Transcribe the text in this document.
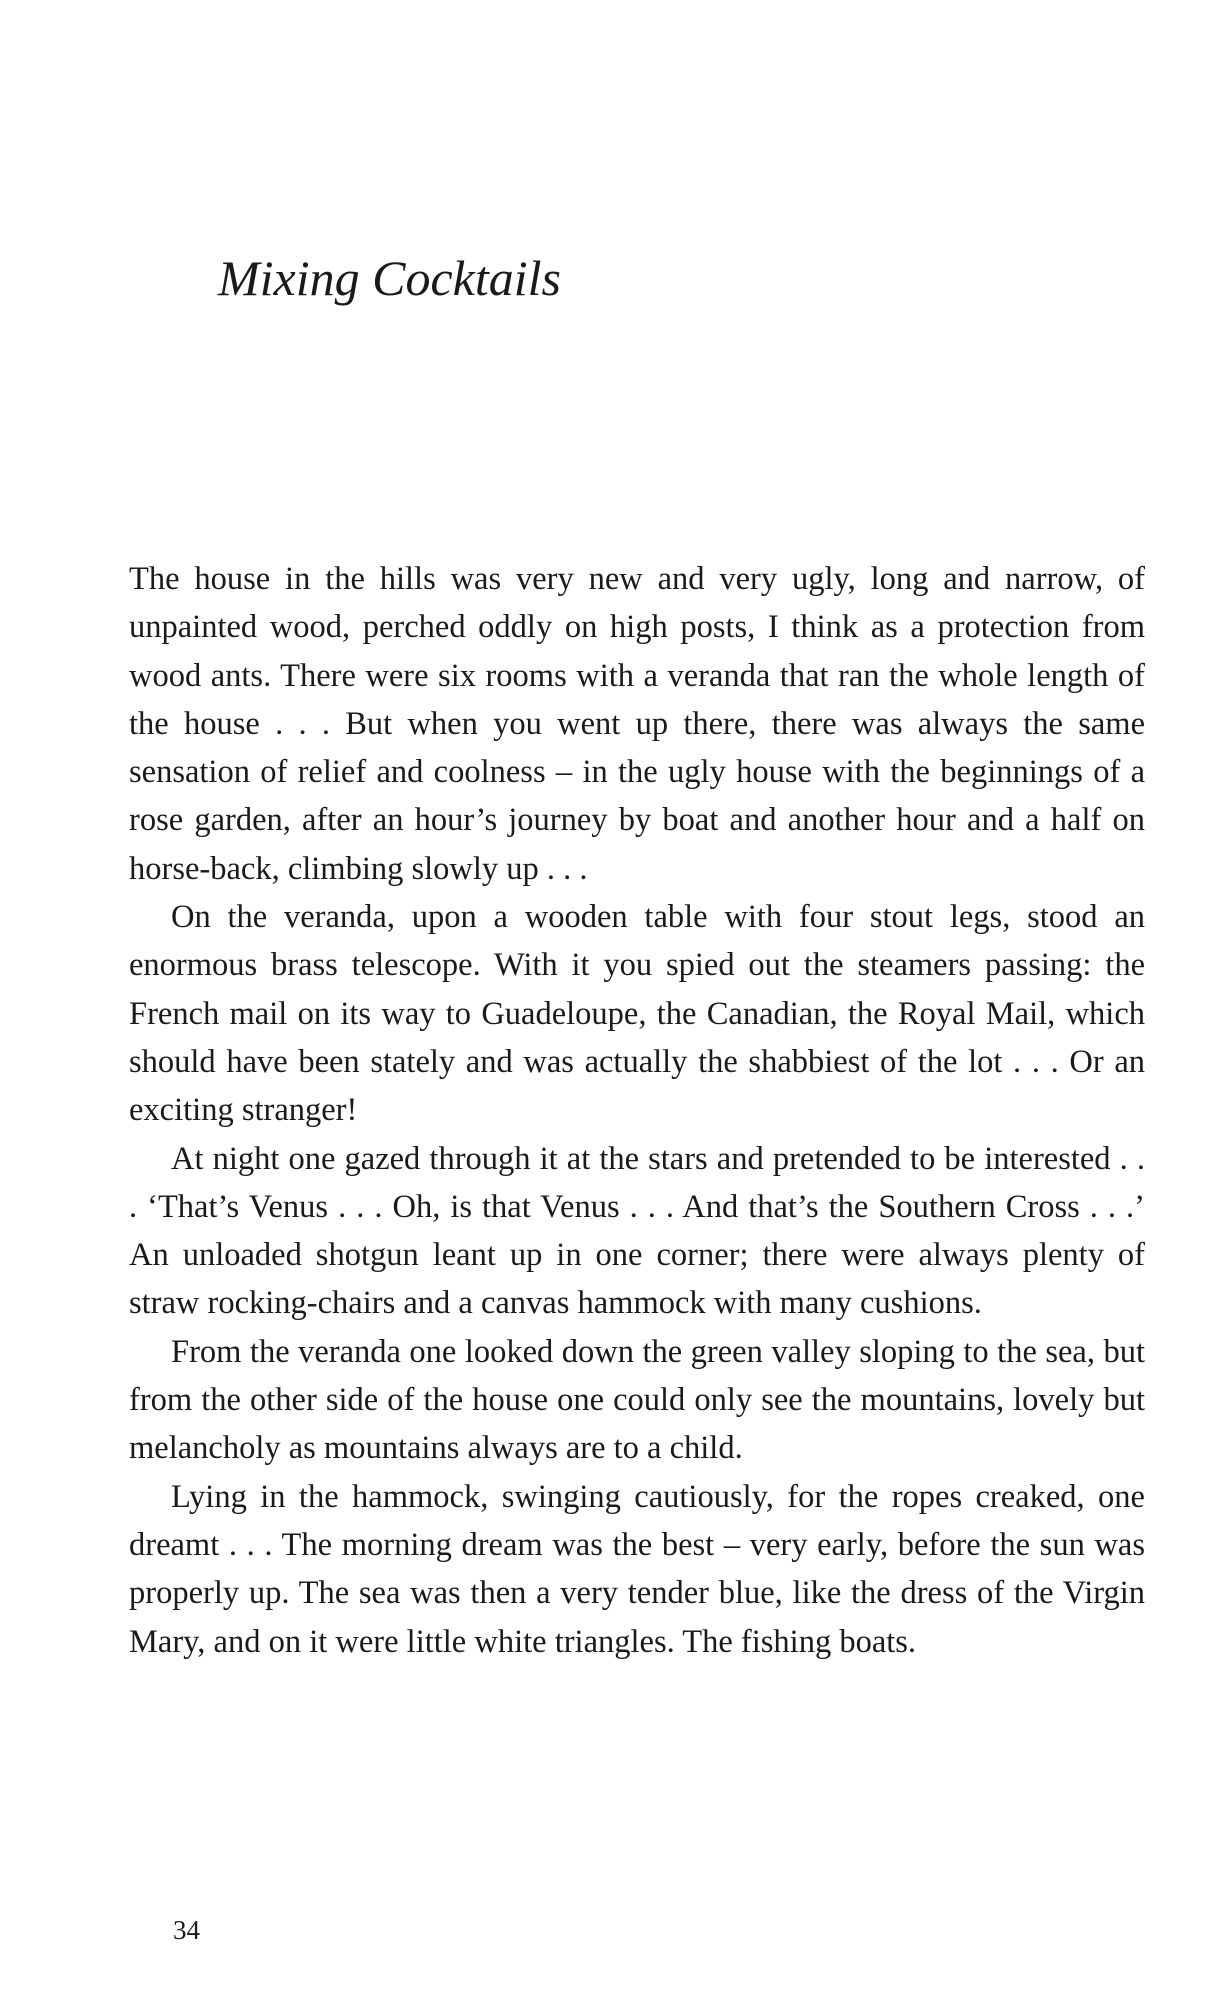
Mixing Cocktails

The house in the hills was very new and very ugly, long and narrow, of unpainted wood, perched oddly on high posts, I think as a protection from wood ants. There were six rooms with a veranda that ran the whole length of the house . . . But when you went up there, there was always the same sensation of relief and coolness – in the ugly house with the beginnings of a rose garden, after an hour’s journey by boat and another hour and a half on horse-back, climbing slowly up . . .

On the veranda, upon a wooden table with four stout legs, stood an enormous brass telescope. With it you spied out the steamers passing: the French mail on its way to Guadeloupe, the Canadian, the Royal Mail, which should have been stately and was actually the shabbiest of the lot . . . Or an exciting stranger!

At night one gazed through it at the stars and pretended to be interested . . . ‘That’s Venus . . . Oh, is that Venus . . . And that’s the Southern Cross . . .’ An unloaded shotgun leant up in one corner; there were always plenty of straw rocking-chairs and a canvas hammock with many cushions.

From the veranda one looked down the green valley sloping to the sea, but from the other side of the house one could only see the mountains, lovely but melancholy as mountains always are to a child.

Lying in the hammock, swinging cautiously, for the ropes creaked, one dreamt . . . The morning dream was the best – very early, before the sun was properly up. The sea was then a very tender blue, like the dress of the Virgin Mary, and on it were little white triangles. The fishing boats.

34
